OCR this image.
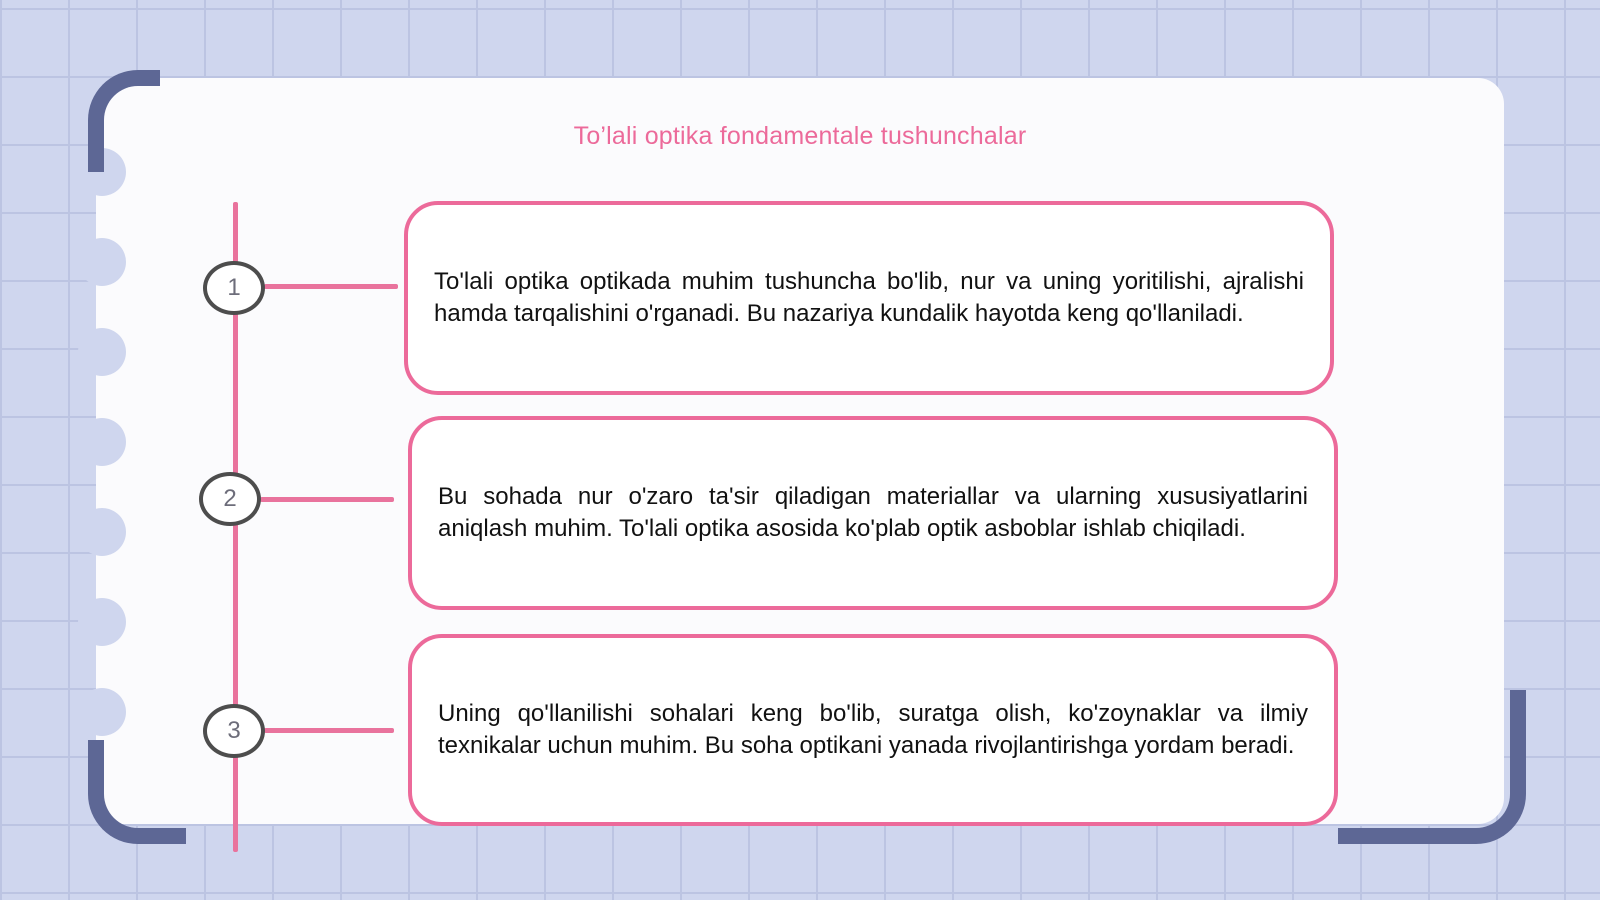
To’lali optika fondamentale tushunchalar
1
2
3

To'lali optika optikada muhim tushuncha bo'lib, nur va uning yoritilishi, ajralishi hamda tarqalishini o'rganadi. Bu nazariya kundalik hayotda keng qo'llaniladi.

Bu sohada nur o'zaro ta'sir qiladigan materiallar va ularning xususiyatlarini aniqlash muhim. To'lali optika asosida ko'plab optik asboblar ishlab chiqiladi.

Uning qo'llanilishi sohalari keng bo'lib, suratga olish, ko'zoynaklar va ilmiy texnikalar uchun muhim. Bu soha optikani yanada rivojlantirishga yordam beradi.
